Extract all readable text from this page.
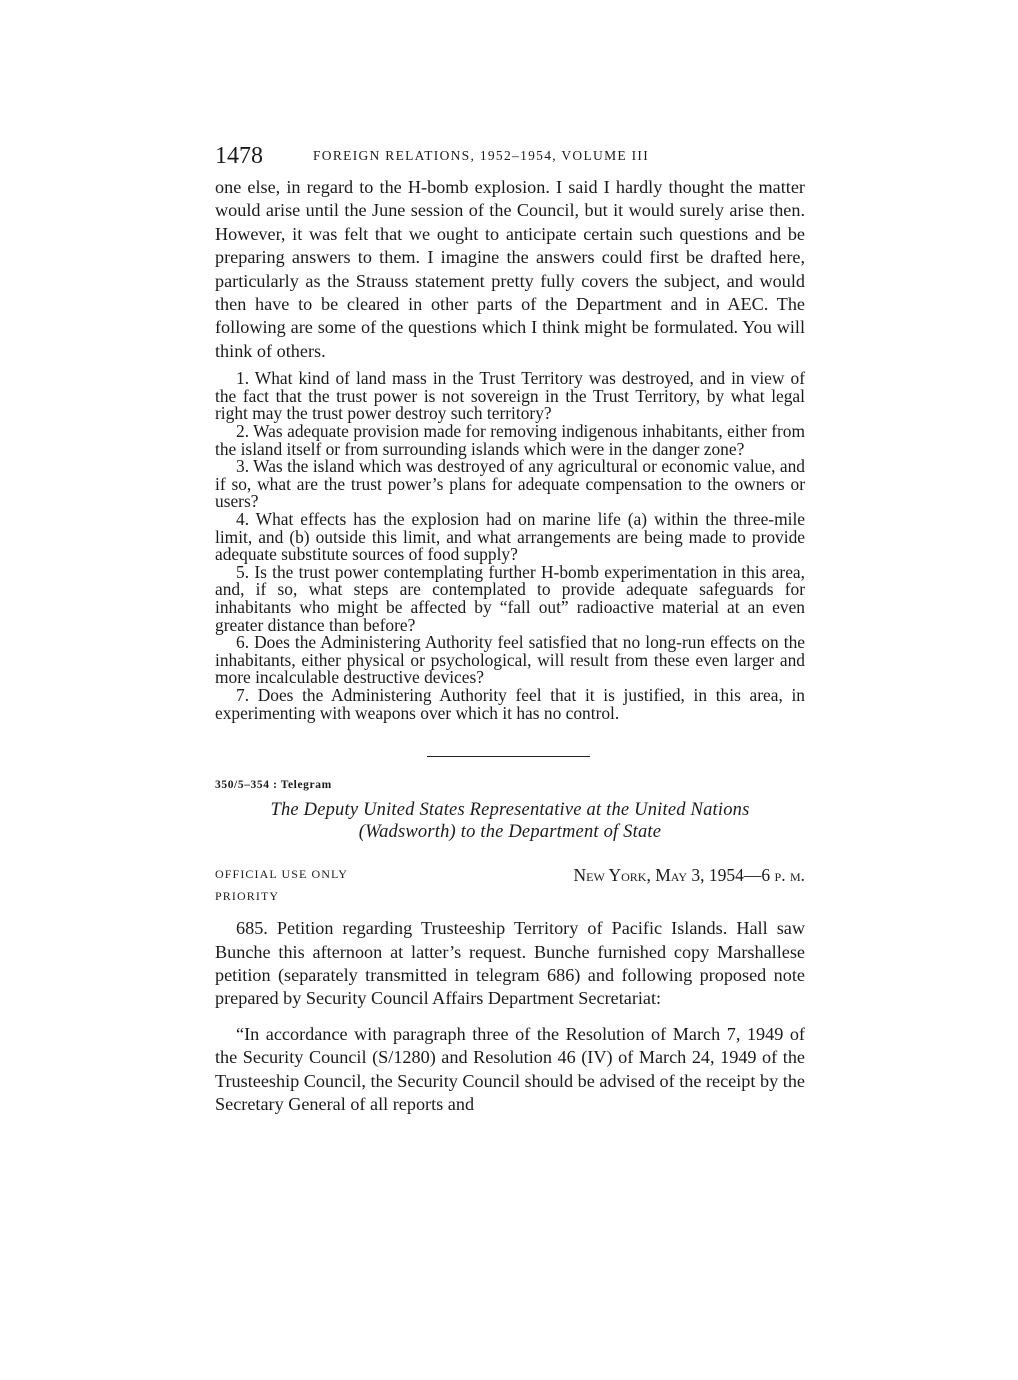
1478	FOREIGN RELATIONS, 1952–1954, VOLUME III

one else, in regard to the H-bomb explosion. I said I hardly thought the matter would arise until the June session of the Council, but it would surely arise then. However, it was felt that we ought to anticipate certain such questions and be preparing answers to them. I imagine the answers could first be drafted here, particularly as the Strauss statement pretty fully covers the subject, and would then have to be cleared in other parts of the Department and in AEC. The following are some of the questions which I think might be formulated. You will think of others.

1. What kind of land mass in the Trust Territory was destroyed, and in view of the fact that the trust power is not sovereign in the Trust Territory, by what legal right may the trust power destroy such territory?

2. Was adequate provision made for removing indigenous inhabitants, either from the island itself or from surrounding islands which were in the danger zone?

3. Was the island which was destroyed of any agricultural or economic value, and if so, what are the trust power’s plans for adequate compensation to the owners or users?

4. What effects has the explosion had on marine life (a) within the three-mile limit, and (b) outside this limit, and what arrangements are being made to provide adequate substitute sources of food supply?

5. Is the trust power contemplating further H-bomb experimentation in this area, and, if so, what steps are contemplated to provide adequate safeguards for inhabitants who might be affected by “fall out” radioactive material at an even greater distance than before?

6. Does the Administering Authority feel satisfied that no long-run effects on the inhabitants, either physical or psychological, will result from these even larger and more incalculable destructive devices?

7. Does the Administering Authority feel that it is justified, in this area, in experimenting with weapons over which it has no control.

350/5–354 : Telegram
The Deputy United States Representative at the United Nations
(Wadsworth) to the Department of State
OFFICIAL USE ONLY
PRIORITY
New York, May 3, 1954—6 p. m.

685. Petition regarding Trusteeship Territory of Pacific Islands. Hall saw Bunche this afternoon at latter’s request. Bunche furnished copy Marshallese petition (separately transmitted in telegram 686) and following proposed note prepared by Security Council Affairs Department Secretariat:

“In accordance with paragraph three of the Resolution of March 7, 1949 of the Security Council (S/1280) and Resolution 46 (IV) of March 24, 1949 of the Trusteeship Council, the Security Council should be advised of the receipt by the Secretary General of all reports and
